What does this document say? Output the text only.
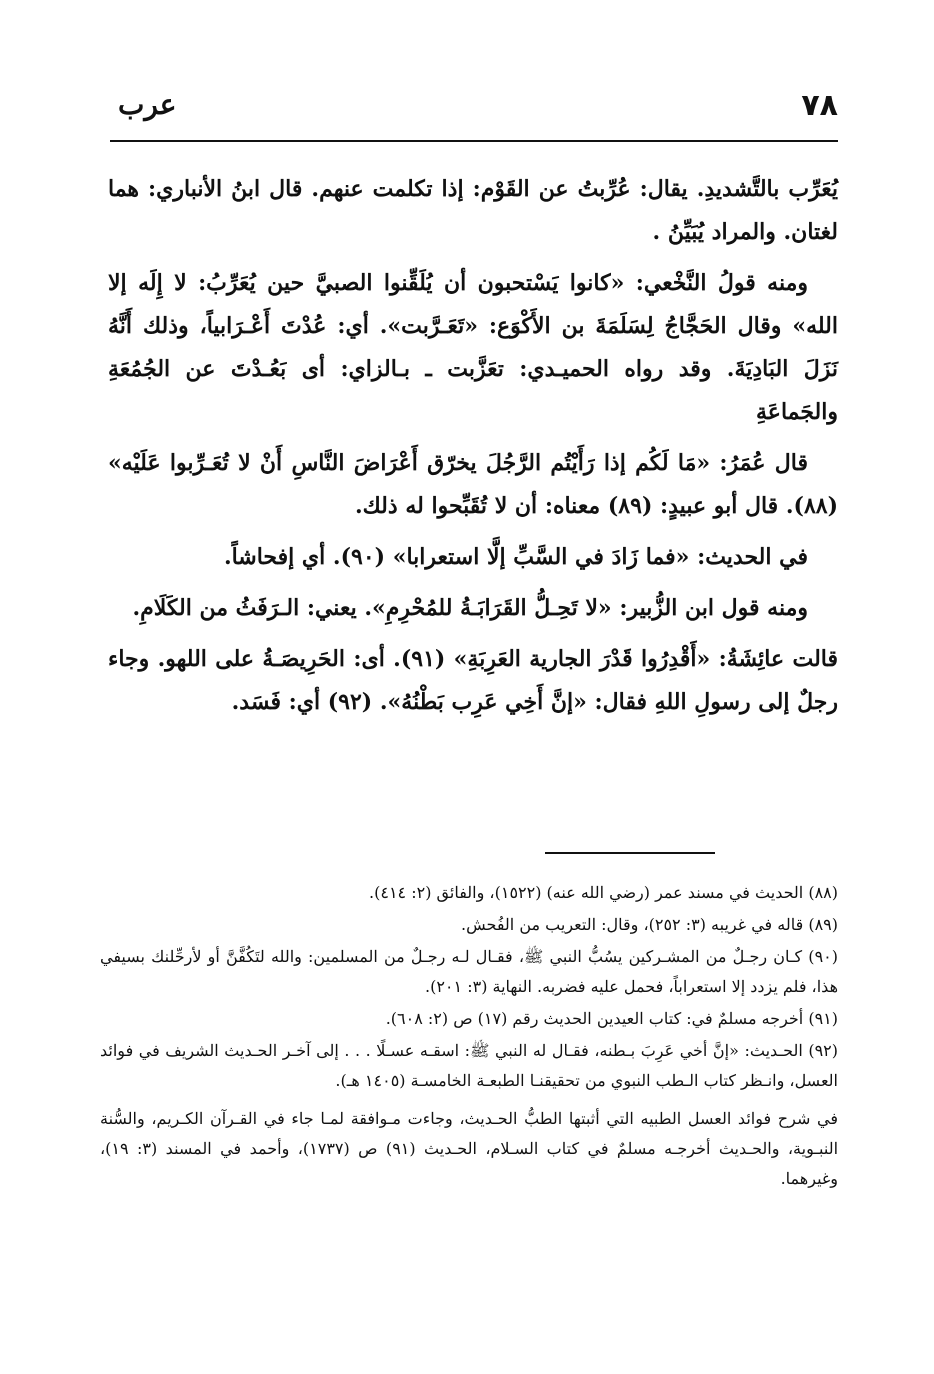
٧٨
عرب

يُعَرِّب بالتَّشديدِ. يقال: عُرِّبتُ عن القَوْم: إذا تكلمت عنهم. قال ابنُ الأنباري: هما لغتان. والمراد يُبَيِّنُ .

ومنه قولُ النَّخْعي: «كانوا يَسْتحبون أن يُلَقِّنوا الصبيَّ حين يُعَرِّبُ: لا إِلَه إلا الله» وقال الحَجَّاجُ لِسَلَمَةَ بن الأَكْوَع: «تَعَـرَّبت». أي: عُدْتَ أَعْـرَابياً، وذلك أَنَّهُ نَزَلَ البَادِيَةَ. وقد رواه الحميـدي: تعَزَّبت ـ بـالزاي: أى بَعُـدْتَ عن الجُمُعَةِ والجَماعَةِ

قال عُمَرُ: «مَا لَكُم إذا رَأَيْتُم الرَّجُلَ يخرّق أَعْرَاضَ النَّاسِ أَنْ لا تُعَـرِّبوا عَلَيْه» (٨٨). قال أبو عبيدٍ: (٨٩) معناه: أن لا تُقَبِّحوا له ذلك.

في الحديث: «فما زَادَ في السَّبِّ إلَّا استعرابا» (٩٠). أي إفحاشاً.

ومنه قول ابن الزُّبير: «لا تَحِـلُّ القَرَابَـةُ للمُحْرِمِ». يعني: الـرَفَثُ من الكَلَامِ.

قالت عائِشَةُ: «أَقْدِرُوا قَدْرَ الجارية العَرِبَةِ» (٩١). أى: الحَرِيصَـةُ على اللهو. وجاء رجلٌ إلى رسولِ اللهِ فقال: «إنَّ أَخِي عَرِب بَطْنُهُ». (٩٢) أي: فَسَد.

(٨٨) الحديث في مسند عمر (رضي الله عنه) (١٥٢٢)، والفائق (٢: ٤١٤).

(٨٩) قاله في غريبه (٣: ٢٥٢)، وقال: التعريب من الفُحش.

(٩٠) كـان رجـلٌ من المشـركين يسُبُّ النبي ﷺ، فقـال لـه رجـلٌ من المسلمين: والله لتَكُفَّنَّ أو لأرحِّلنك بسيفي هذا، فلم يزدد إلا استعراباً، فحمل عليه فضربه. النهاية (٣: ٢٠١).

(٩١) أخرجه مسلمٌ في: كتاب العيدين الحديث رقم (١٧) ص (٢: ٦٠٨).

(٩٢) الحـديث: «إنَّ أخي عَرِبَ بـطنه، فقـال له النبي ﷺ: اسقـه عسـلًا . . . إلى آخـر الحـديث الشريف في فوائد العسل، وانـظر كتاب الـطب النبوي من تحقيقنـا الطبعـة الخامسـة (١٤٠٥ هـ).

في شرح فوائد العسل الطبيه التي أثبتها الطبُّ الحـديث، وجاءت مـوافقة لمـا جاء في القـرآن الكـريم، والسُّنة النبـوية، والحـديث أخرجـه مسلمٌ في كتاب السـلام، الحـديث (٩١) ص (١٧٣٧)، وأحمد في المسند (٣: ١٩)، وغيرهما.
